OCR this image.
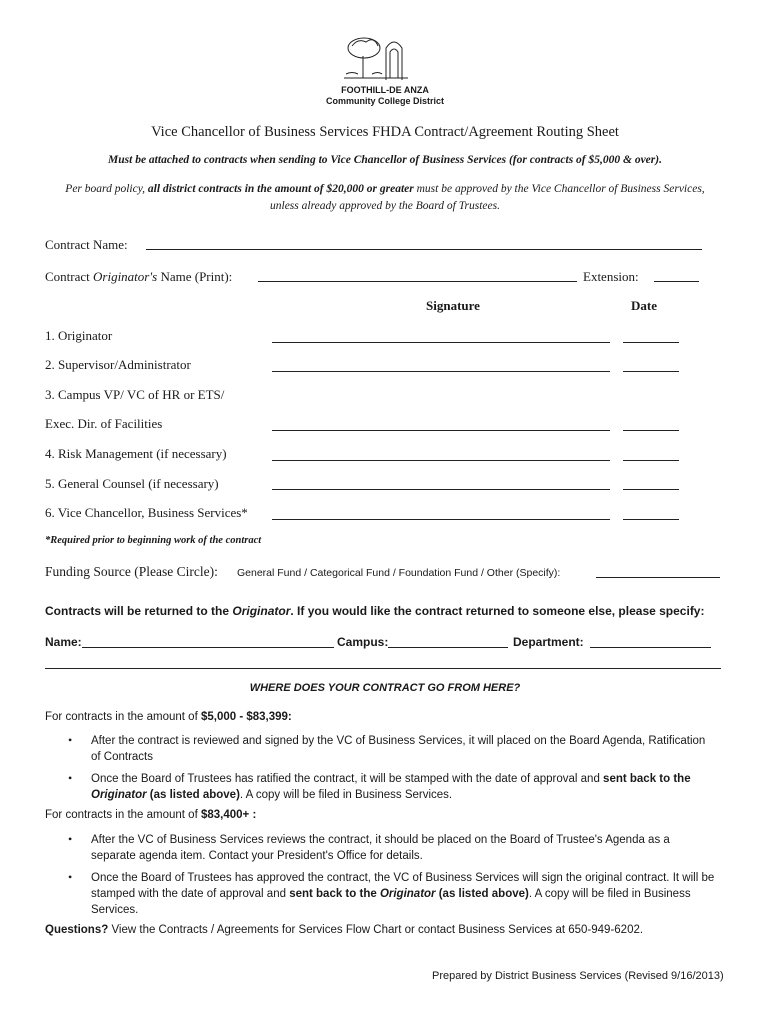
FOOTHILL-DE ANZA
Community College District
Vice Chancellor of Business Services FHDA Contract/Agreement Routing Sheet
Must be attached to contracts when sending to Vice Chancellor of Business Services (for contracts of $5,000 & over).
Per board policy, all district contracts in the amount of $20,000 or greater must be approved by the Vice Chancellor of Business Services, unless already approved by the Board of Trustees.
Contract Name:
Contract Originator's Name (Print):	Extension:
Signature	Date
1. Originator
2. Supervisor/Administrator
3. Campus VP/ VC of HR or ETS/
Exec. Dir. of Facilities
4. Risk Management (if necessary)
5. General Counsel (if necessary)
6. Vice Chancellor, Business Services*
*Required prior to beginning work of the contract
Funding Source (Please Circle): General Fund / Categorical Fund / Foundation Fund / Other (Specify):
Contracts will be returned to the Originator. If you would like the contract returned to someone else, please specify:
Name:	Campus:	Department:
WHERE DOES YOUR CONTRACT GO FROM HERE?
For contracts in the amount of $5,000 - $83,399:
• After the contract is reviewed and signed by the VC of Business Services, it will placed on the Board Agenda, Ratification of Contracts
• Once the Board of Trustees has ratified the contract, it will be stamped with the date of approval and sent back to the Originator (as listed above). A copy will be filed in Business Services.
For contracts in the amount of $83,400+ :
• After the VC of Business Services reviews the contract, it should be placed on the Board of Trustee's Agenda as a separate agenda item. Contact your President's Office for details.
• Once the Board of Trustees has approved the contract, the VC of Business Services will sign the original contract. It will be stamped with the date of approval and sent back to the Originator (as listed above). A copy will be filed in Business Services.
Questions? View the Contracts / Agreements for Services Flow Chart or contact Business Services at 650-949-6202.
Prepared by District Business Services (Revised 9/16/2013)
